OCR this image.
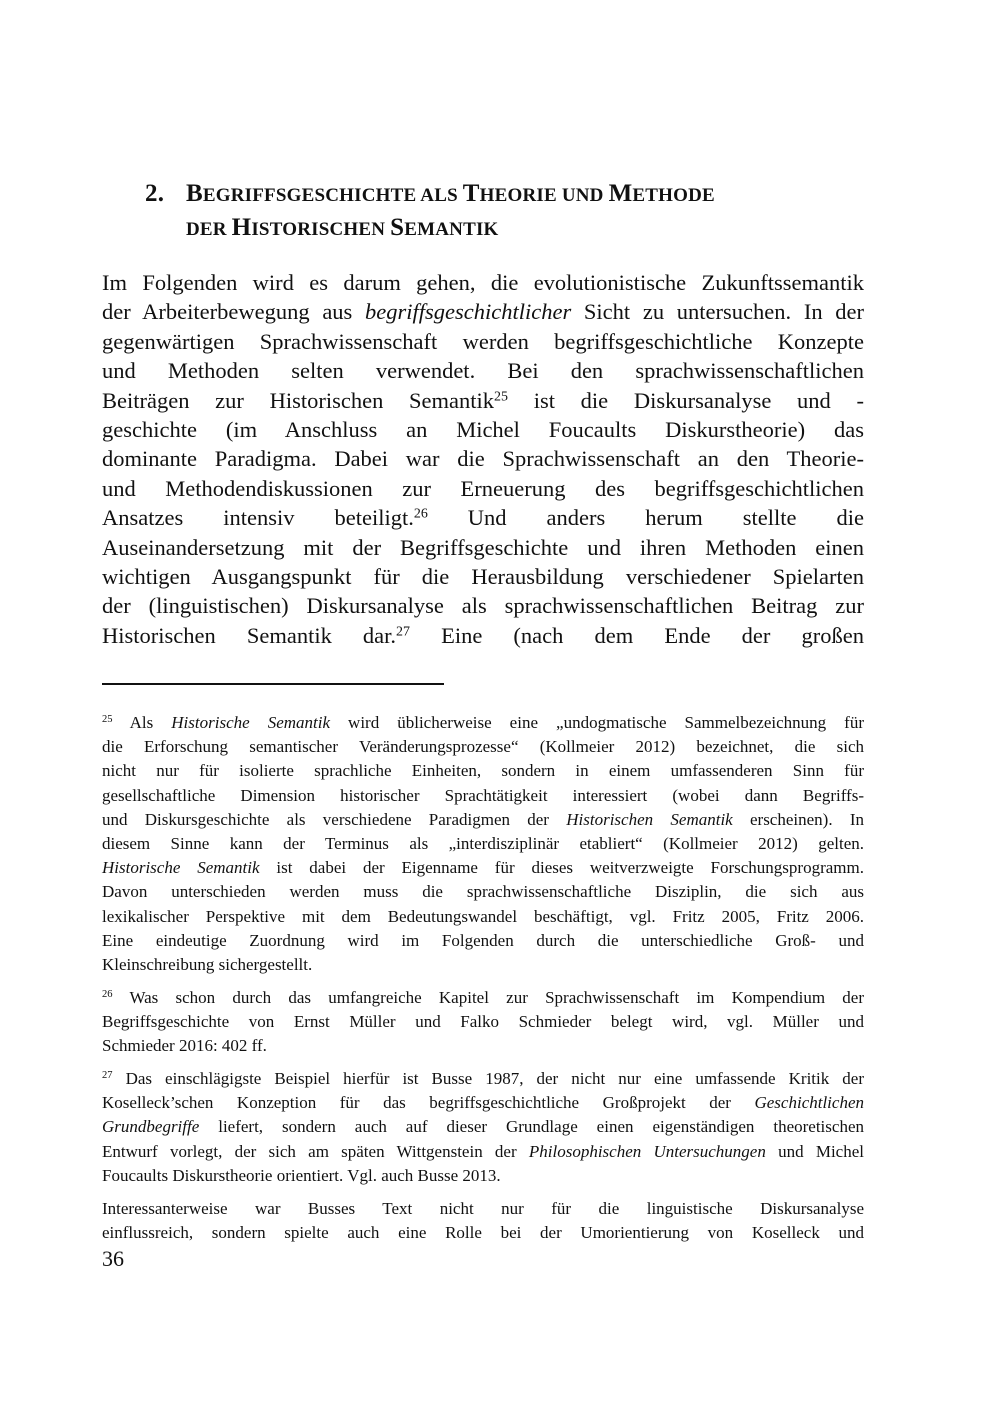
2. BEGRIFFSGESCHICHTE ALS THEORIE UND METHODE
DER HISTORISCHEN SEMANTIK
Im Folgenden wird es darum gehen, die evolutionistische Zukunftssemantik
der Arbeiterbewegung aus begriffsgeschichtlicher Sicht zu untersuchen. In der
gegenwärtigen Sprachwissenschaft werden begriffsgeschichtliche Konzepte
und Methoden selten verwendet. Bei den sprachwissenschaftlichen
Beiträgen zur Historischen Semantik$^{25}$ ist die Diskursanalyse und -
geschichte (im Anschluss an Michel Foucaults Diskurstheorie) das
dominante Paradigma. Dabei war die Sprachwissenschaft an den Theorie-
und Methodendiskussionen zur Erneuerung des begriffsgeschichtlichen
Ansatzes intensiv beteiligt.$^{26}$ Und anders herum stellte die
Auseinandersetzung mit der Begriffsgeschichte und ihren Methoden einen
wichtigen Ausgangspunkt für die Herausbildung verschiedener Spielarten
der (linguistischen) Diskursanalyse als sprachwissenschaftlichen Beitrag zur
Historischen Semantik dar.$^{27}$ Eine (nach dem Ende der großen
$^{25}$ Als Historische Semantik wird üblicherweise eine „undogmatische Sammelbezeichnung für
die Erforschung semantischer Veränderungsprozesse“ (Kollmeier 2012) bezeichnet, die sich
nicht nur für isolierte sprachliche Einheiten, sondern in einem umfassenderen Sinn für
gesellschaftliche Dimension historischer Sprachtätigkeit interessiert (wobei dann Begriffs-
und Diskursgeschichte als verschiedene Paradigmen der Historischen Semantik erscheinen). In
diesem Sinne kann der Terminus als „interdisziplinär etabliert“ (Kollmeier 2012) gelten.
Historische Semantik ist dabei der Eigenname für dieses weitverzweigte Forschungsprogramm.
Davon unterschieden werden muss die sprachwissenschaftliche Disziplin, die sich aus
lexikalischer Perspektive mit dem Bedeutungswandel beschäftigt, vgl. Fritz 2005, Fritz 2006.
Eine eindeutige Zuordnung wird im Folgenden durch die unterschiedliche Groß- und
Kleinschreibung sichergestellt.
$^{26}$ Was schon durch das umfangreiche Kapitel zur Sprachwissenschaft im Kompendium der
Begriffsgeschichte von Ernst Müller und Falko Schmieder belegt wird, vgl. Müller und
Schmieder 2016: 402 ff.
$^{27}$ Das einschlägigste Beispiel hierfür ist Busse 1987, der nicht nur eine umfassende Kritik der
Koselleck’schen Konzeption für das begriffsgeschichtliche Großprojekt der Geschichtlichen
Grundbegriffe liefert, sondern auch auf dieser Grundlage einen eigenständigen theoretischen
Entwurf vorlegt, der sich am späten Wittgenstein der Philosophischen Untersuchungen und Michel
Foucaults Diskurstheorie orientiert. Vgl. auch Busse 2013.
Interessanterweise war Busses Text nicht nur für die linguistische Diskursanalyse
einflussreich, sondern spielte auch eine Rolle bei der Umorientierung von Koselleck und
36
